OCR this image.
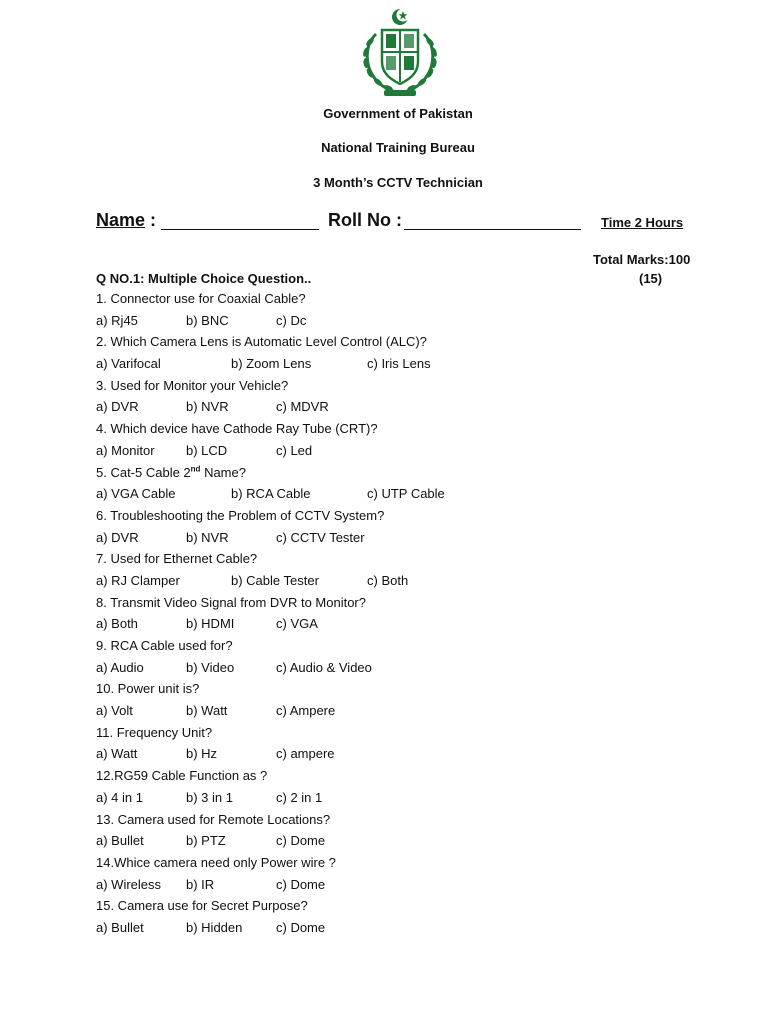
Government of Pakistan
National Training Bureau
3 Month’s CCTV Technician
Name :	Roll No :	Time 2 Hours
Total Marks:100
(15)
Q NO.1: Multiple Choice Question..
1. Connector use for Coaxial Cable?
a) Rj45	b) BNC	c) Dc
2. Which Camera Lens is Automatic Level Control (ALC)?
a) Varifocal	b) Zoom Lens	c) Iris Lens
3. Used for Monitor your Vehicle?
a) DVR	b) NVR	c) MDVR
4. Which device have Cathode Ray Tube (CRT)?
a) Monitor b) LCD	c) Led
5. Cat-5 Cable 2nd Name?
a) VGA Cable	b) RCA Cable	c) UTP Cable
6. Troubleshooting the Problem of CCTV System?
a) DVR	b) NVR	c) CCTV Tester
7. Used for Ethernet Cable?
a) RJ Clamper	b) Cable Tester	c) Both
8. Transmit Video Signal from DVR to Monitor?
a) Both	b) HDMI	c) VGA
9. RCA Cable used for?
a) Audio	b) Video	c) Audio & Video
10. Power unit is?
a) Volt	b) Watt	c) Ampere
11. Frequency Unit?
a) Watt	b) Hz	c) ampere
12.RG59 Cable Function as ?
a) 4 in 1	b) 3 in 1	c) 2 in 1
13. Camera used for Remote Locations?
a) Bullet	b) PTZ	c) Dome
14.Whice camera need only Power wire ?
a) Wireless b) IR	c) Dome
15. Camera use for Secret Purpose?
a) Bullet	b) Hidden	c) Dome
